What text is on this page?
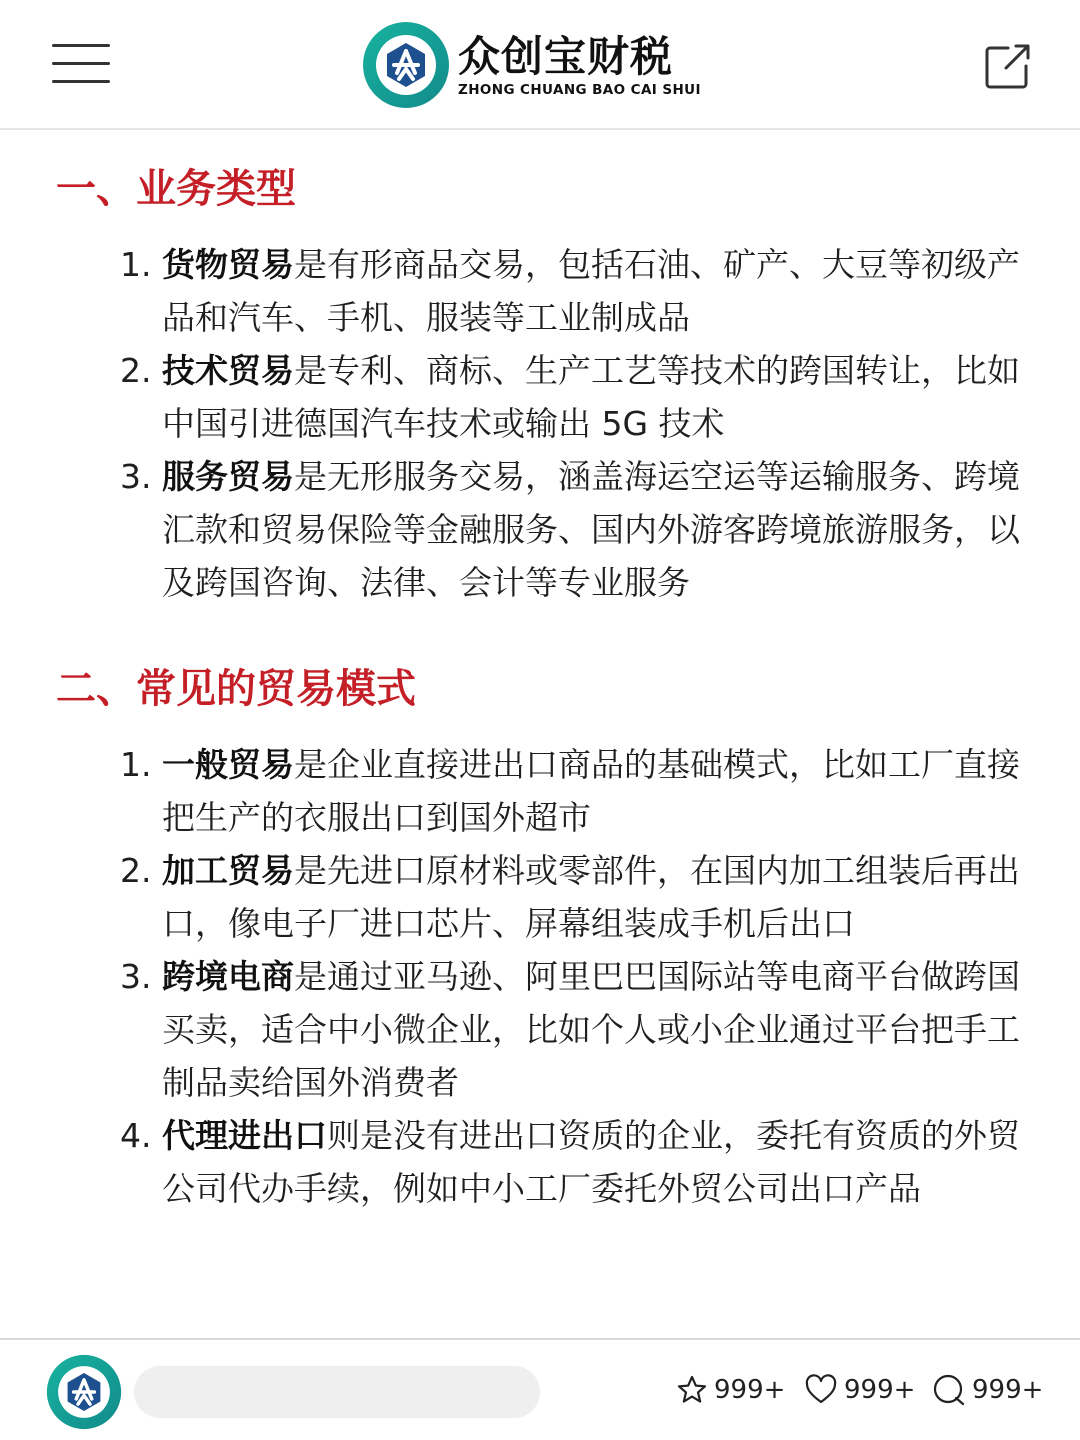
众创宝财税
ZHONG CHUANG BAO CAI SHUI
一、业务类型
1. 货物贸易是有形商品交易，包括石油、矿产、大豆等初级产品和汽车、手机、服装等工业制成品
2. 技术贸易是专利、商标、生产工艺等技术的跨国转让，比如中国引进德国汽车技术或输出 5G 技术
3. 服务贸易是无形服务交易，涵盖海运空运等运输服务、跨境汇款和贸易保险等金融服务、国内外游客跨境旅游服务，以及跨国咨询、法律、会计等专业服务
二、常见的贸易模式
1. 一般贸易是企业直接进出口商品的基础模式，比如工厂直接把生产的衣服出口到国外超市
2. 加工贸易是先进口原材料或零部件，在国内加工组装后再出口，像电子厂进口芯片、屏幕组装成手机后出口
3. 跨境电商是通过亚马逊、阿里巴巴国际站等电商平台做跨国买卖，适合中小微企业，比如个人或小企业通过平台把手工制品卖给国外消费者
4. 代理进出口则是没有进出口资质的企业，委托有资质的外贸公司代办手续，例如中小工厂委托外贸公司出口产品
999+ 999+ 999+
